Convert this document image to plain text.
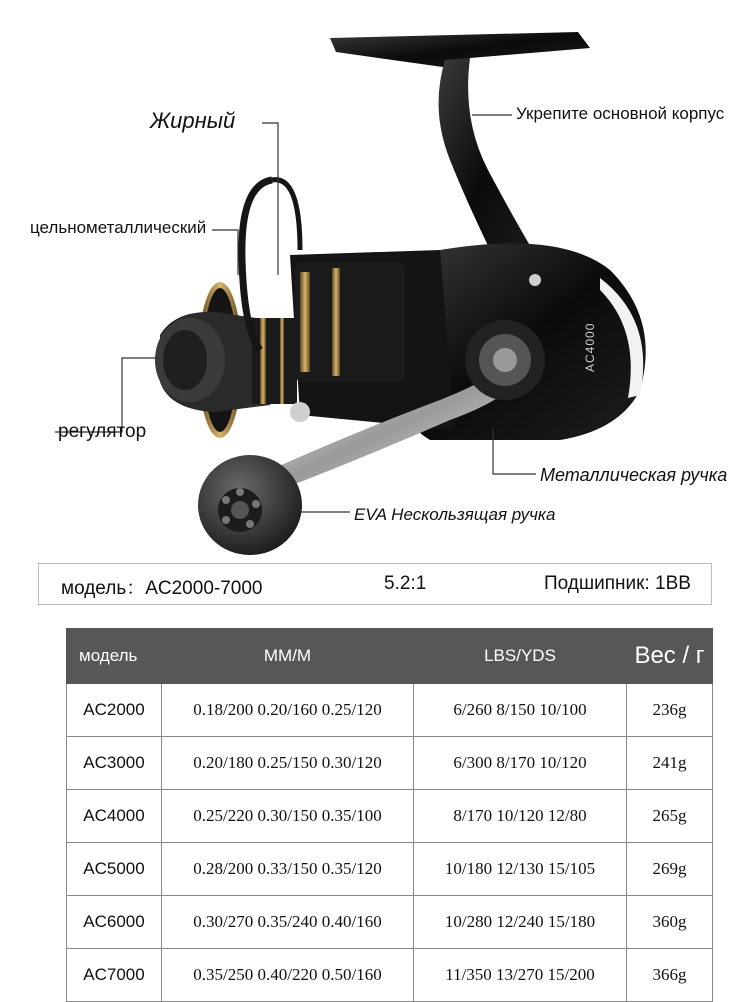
Жирный
цельнометаллический
Укрепите основной корпус
регулятор
Металлическая ручка
EVA Нескользящая ручка
AC4000
модель：AC2000-7000	5.2:1	Подшипник: 1BB
модель	MM/M	LBS/YDS	Вес / г
AC2000	0.18/200 0.20/160 0.25/120	6/260 8/150 10/100	236g
AC3000	0.20/180 0.25/150 0.30/120	6/300 8/170 10/120	241g
AC4000	0.25/220 0.30/150 0.35/100	8/170 10/120 12/80	265g
AC5000	0.28/200 0.33/150 0.35/120	10/180 12/130 15/105	269g
AC6000	0.30/270 0.35/240 0.40/160	10/280 12/240 15/180	360g
AC7000	0.35/250 0.40/220 0.50/160	11/350 13/270 15/200	366g
